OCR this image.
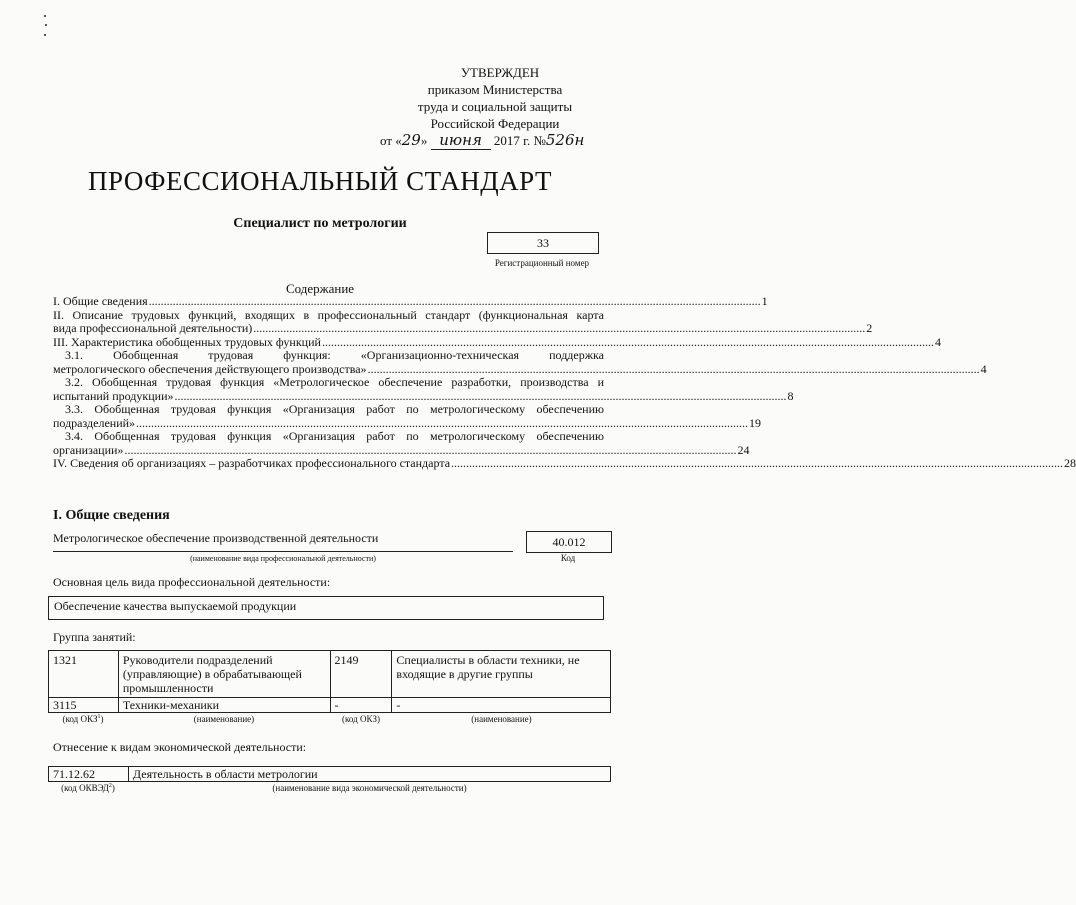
УТВЕРЖДЕН
приказом Министерства
труда и социальной защиты
Российской Федерации
от «29» июня 2017 г. №526н
ПРОФЕССИОНАЛЬНЫЙ СТАНДАРТ
Специалист по метрологии
33
Регистрационный номер
Содержание
I. Общие сведения ............................................................................................................................................................................................................ 1
II. Описание трудовых функций, входящих в профессиональный стандарт (функциональная карта
вида профессиональной деятельности) ............................................................................................................................................................................................................ 2
III. Характеристика обобщенных трудовых функций ............................................................................................................................................................................................................ 4
3.1. Обобщенная трудовая функция: «Организационно-техническая поддержка
метрологического обеспечения действующего производства» ............................................................................................................................................................................................................ 4
3.2. Обобщенная трудовая функция «Метрологическое обеспечение разработки, производства и
испытаний продукции» ............................................................................................................................................................................................................ 8
3.3. Обобщенная трудовая функция «Организация работ по метрологическому обеспечению
подразделений» ............................................................................................................................................................................................................ 19
3.4. Обобщенная трудовая функция «Организация работ по метрологическому обеспечению
организации» ............................................................................................................................................................................................................ 24
IV. Сведения об организациях – разработчиках профессионального стандарта ............................................................................................................................................................................................................ 28
I. Общие сведения
Метрологическое обеспечение производственной деятельности
(наименование вида профессиональной деятельности)
40.012
Код
Основная цель вида профессиональной деятельности:
Обеспечение качества выпускаемой продукции
Группа занятий:
1321	Руководители подразделений (управляющие) в обрабатывающей промышленности	2149	Специалисты в области техники, не входящие в другие группы
3115	Техники-механики	-	-
(код ОКЗ$^1$)	(наименование)	(код ОКЗ)	(наименование)
Отнесение к видам экономической деятельности:
71.12.62	Деятельность в области метрологии
(код ОКВЭД$^2$)	(наименование вида экономической деятельности)
